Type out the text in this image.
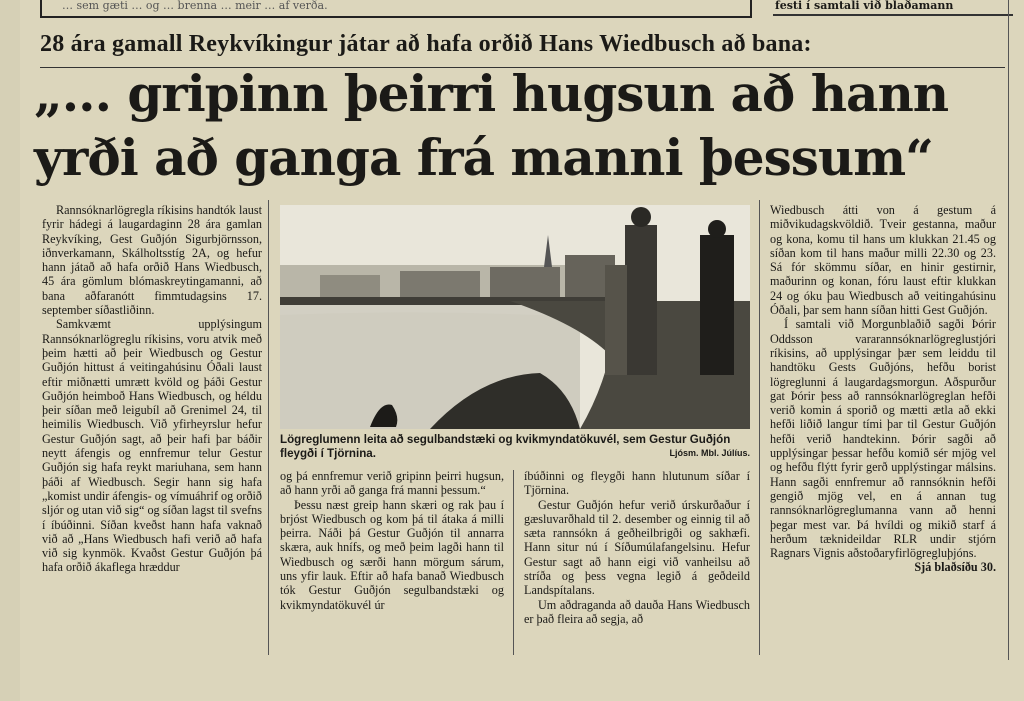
… sem gæti … og … brenna … meir … af verða.	festi í samtali við blaðamann
28 ára gamall Reykvíkingur játar að hafa orðið Hans Wiedbusch að bana:
„... gripinn þeirri hugsun að hann
yrði að ganga frá manni þessum“

Rannsóknarlögregla ríkisins handtók laust fyrir hádegi á laugardaginn 28 ára gamlan Reykvíking, Gest Guðjón Sigurbjörnsson, iðnverkamann, Skálholtsstíg 2A, og hefur hann játað að hafa orðið Hans Wiedbusch, 45 ára gömlum blómaskreytingamanni, að bana aðfaranótt fimmtudagsins 17. september síðastliðinn.

Samkvæmt upplýsingum Rannsóknarlögreglu ríkisins, voru atvik með þeim hætti að þeir Wiedbusch og Gestur Guðjón hittust á veitingahúsinu Óðali laust eftir miðnætti umrætt kvöld og þáði Gestur Guðjón heimboð Hans Wiedbusch, og héldu þeir síðan með leigubíl að Grenimel 24, til heimilis Wiedbusch. Við yfirheyrslur hefur Gestur Guðjón sagt, að þeir hafi þar báðir neytt áfengis og ennfremur telur Gestur Guðjón sig hafa reykt mariuhana, sem hann þáði af Wiedbusch. Segir hann sig hafa „komist undir áfengis- og vímuáhrif og orðið sljór og utan við sig“ og síðan lagst til svefns í íbúðinni. Síðan kveðst hann hafa vaknað við að „Hans Wiedbusch hafi verið að hafa við sig kynmök. Kvaðst Gestur Guðjón þá hafa orðið ákaflega hræddur

Lögreglumenn leita að segulbandstæki og kvikmyndatökuvél, sem Gestur Guðjón fleygði í Tjörnina.	Ljósm. Mbl. Júlíus.

og þá ennfremur verið gripinn þeirri hugsun, að hann yrði að ganga frá manni þessum.“

Þessu næst greip hann skæri og rak þau í brjóst Wiedbusch og kom þá til átaka á milli þeirra. Náði þá Gestur Guðjón til annarra skæra, auk hnífs, og með þeim lagði hann til Wiedbusch og særði hann mörgum sárum, uns yfir lauk. Eftir að hafa banað Wiedbusch tók Gestur Guðjón segulbandstæki og kvikmyndatökuvél úr

íbúðinni og fleygði hann hlutunum síðar í Tjörnina.

Gestur Guðjón hefur verið úrskurðaður í gæsluvarðhald til 2. desember og einnig til að sæta rannsókn á geðheilbrigði og sakhæfi. Hann situr nú í Síðumúlafangelsinu. Hefur Gestur sagt að hann eigi við vanheilsu að stríða og þess vegna legið á geðdeild Landspítalans.

Um aðdraganda að dauða Hans Wiedbusch er það fleira að segja, að

Wiedbusch átti von á gestum á miðvikudagskvöldið. Tveir gestanna, maður og kona, komu til hans um klukkan 21.45 og síðan kom til hans maður milli 22.30 og 23. Sá fór skömmu síðar, en hinir gestirnir, maðurinn og konan, fóru laust eftir klukkan 24 og óku þau Wiedbusch að veitingahúsinu Óðali, þar sem hann síðan hitti Gest Guðjón.

Í samtali við Morgunblaðið sagði Þórir Oddsson vararannsóknarlögreglustjóri ríkisins, að upplýsingar þær sem leiddu til handtöku Gests Guðjóns, hefðu borist lögreglunni á laugardagsmorgun. Aðspurður gat Þórir þess að rannsóknarlögreglan hefði verið komin á sporið og mætti ætla að ekki hefði liðið langur tími þar til Gestur Guðjón hefði verið handtekinn. Þórir sagði að upplýsingar þessar hefðu komið sér mjög vel og hefðu flýtt fyrir gerð upplýstingar málsins. Hann sagði ennfremur að rannsóknin hefði gengið mjög vel, en á annan tug rannsóknarlögreglumanna vann að henni þegar mest var. Þá hvíldi og mikið starf á herðum tæknideildar RLR undir stjórn Ragnars Vignis aðstoðaryfirlögregluþjóns.

Sjá blaðsíðu 30.
